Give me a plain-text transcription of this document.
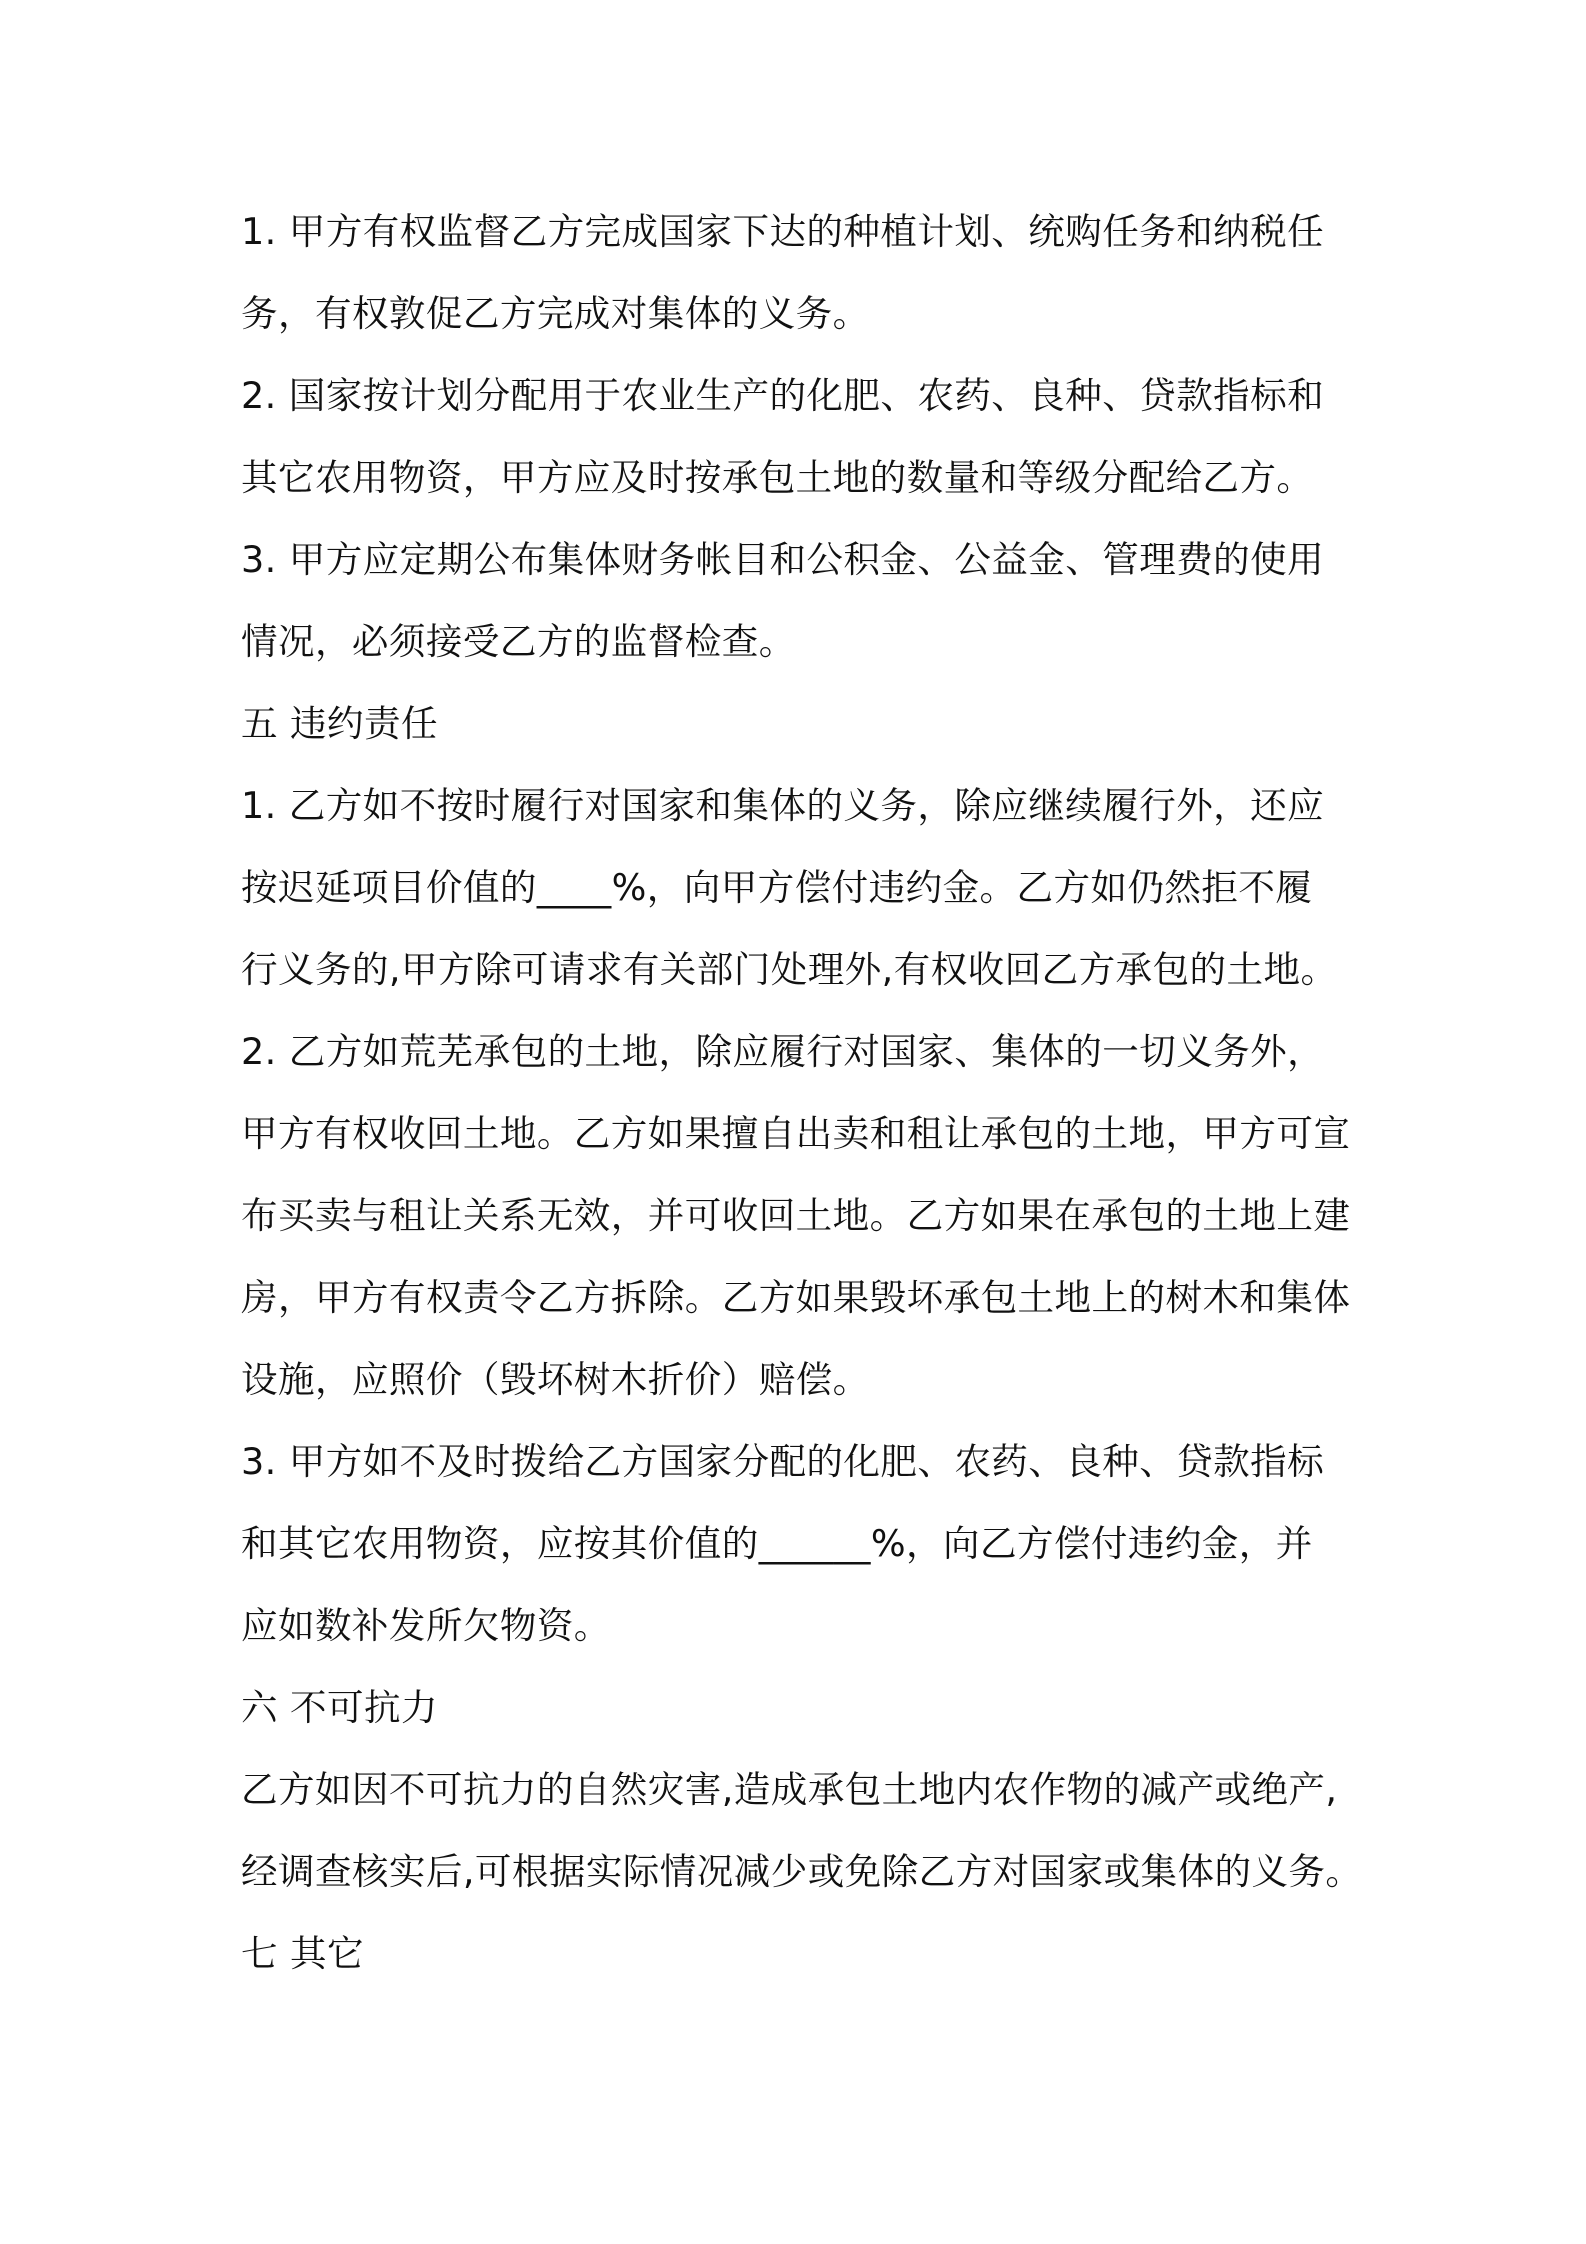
1. 甲方有权监督乙方完成国家下达的种植计划、统购任务和纳税任
务，有权敦促乙方完成对集体的义务。
2. 国家按计划分配用于农业生产的化肥、农药、良种、贷款指标和
其它农用物资，甲方应及时按承包土地的数量和等级分配给乙方。
3. 甲方应定期公布集体财务帐目和公积金、公益金、管理费的使用
情况，必须接受乙方的监督检查。
五 违约责任
1. 乙方如不按时履行对国家和集体的义务，除应继续履行外，还应
按迟延项目价值的____%，向甲方偿付违约金。乙方如仍然拒不履
行义务的,甲方除可请求有关部门处理外,有权收回乙方承包的土地。
2. 乙方如荒芜承包的土地，除应履行对国家、集体的一切义务外，
甲方有权收回土地。乙方如果擅自出卖和租让承包的土地，甲方可宣
布买卖与租让关系无效，并可收回土地。乙方如果在承包的土地上建
房，甲方有权责令乙方拆除。乙方如果毁坏承包土地上的树木和集体
设施，应照价（毁坏树木折价）赔偿。
3. 甲方如不及时拨给乙方国家分配的化肥、农药、良种、贷款指标
和其它农用物资，应按其价值的______%，向乙方偿付违约金，并
应如数补发所欠物资。
六 不可抗力
乙方如因不可抗力的自然灾害,造成承包土地内农作物的减产或绝产,
经调查核实后,可根据实际情况减少或免除乙方对国家或集体的义务。
七 其它
